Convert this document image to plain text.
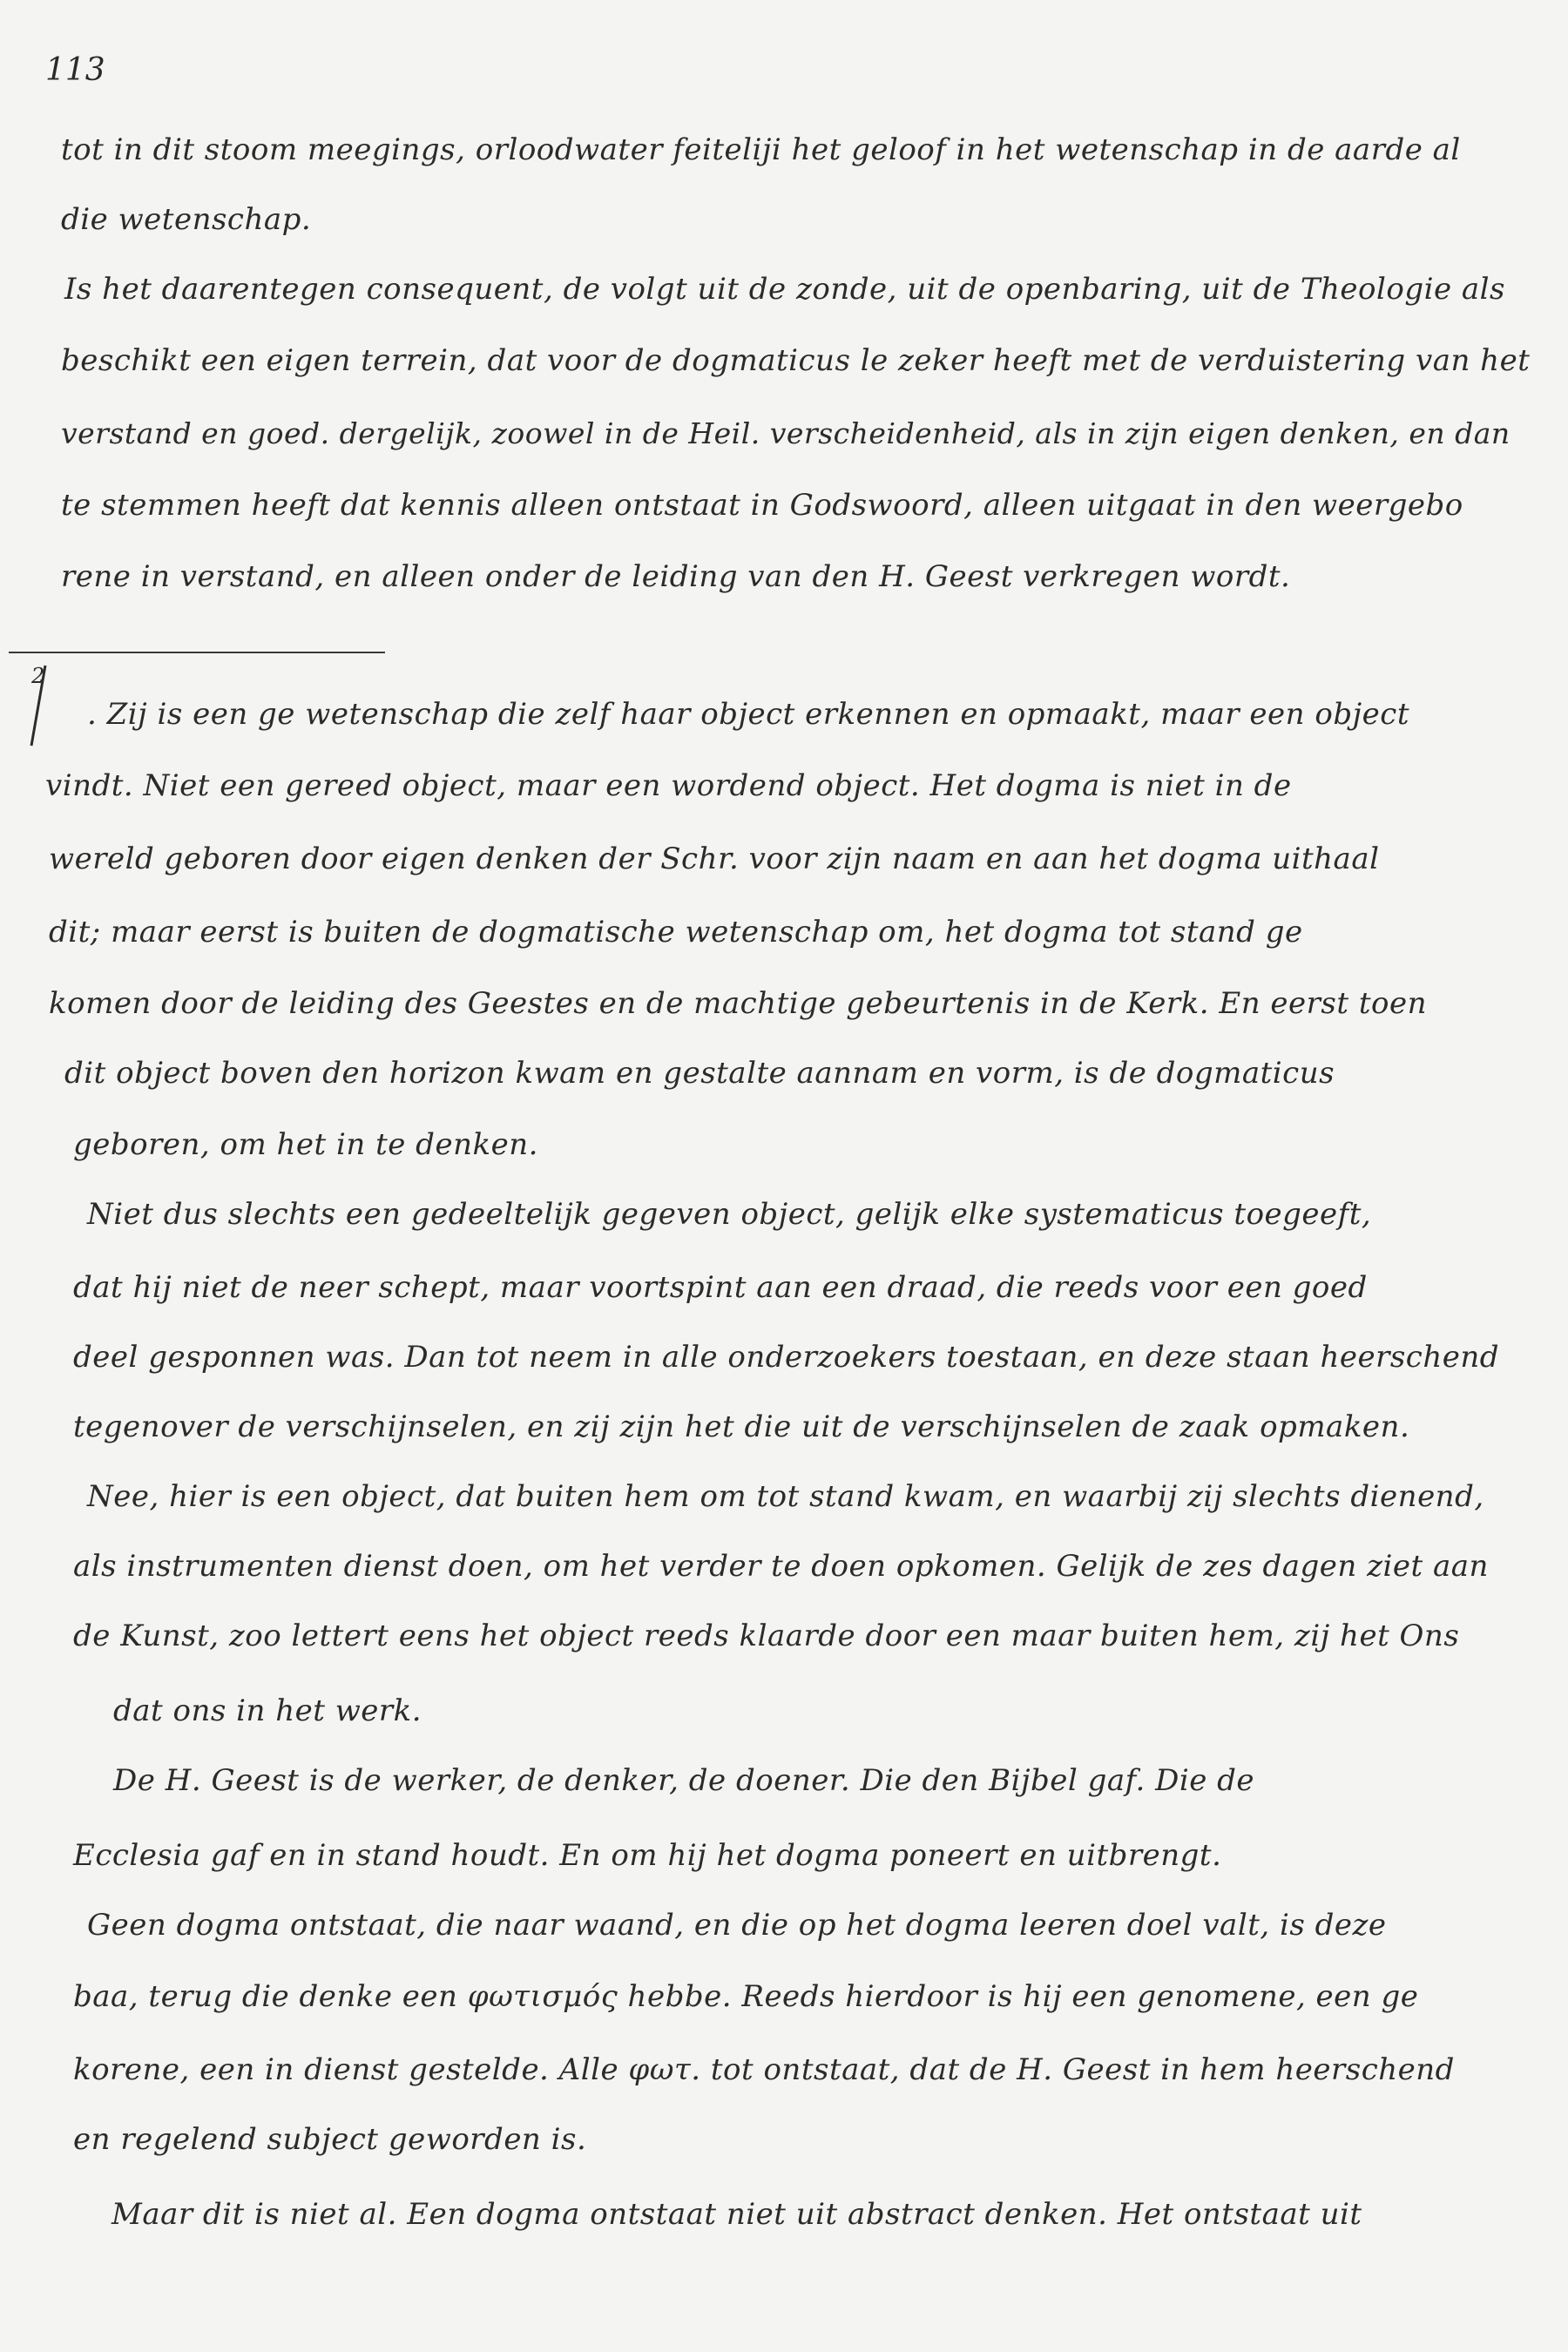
113
tot in dit stoom meegings, orloodwater feiteliji het geloof in het wetenschap in de aarde al
die wetenschap.
Is het daarentegen consequent, de volgt uit de zonde, uit de openbaring, uit de Theologie als
beschikt een eigen terrein, dat voor de dogmaticus le zeker heeft met de verduistering van het
verstand en goed. dergelijk, zoowel in de Heil. verscheidenheid, als in zijn eigen denken, en dan
te stemmen heeft dat kennis alleen ontstaat in Godswoord, alleen uitgaat in den weergebo
rene in verstand, en alleen onder de leiding van den H. Geest verkregen wordt.
2
. Zij is een ge wetenschap die zelf haar object erkennen en opmaakt, maar een object
vindt. Niet een gereed object, maar een wordend object. Het dogma is niet in de
wereld geboren door eigen denken der Schr. voor zijn naam en aan het dogma uithaal
dit; maar eerst is buiten de dogmatische wetenschap om, het dogma tot stand ge
komen door de leiding des Geestes en de machtige gebeurtenis in de Kerk. En eerst toen
dit object boven den horizon kwam en gestalte aannam en vorm, is de dogmaticus
geboren, om het in te denken.
Niet dus slechts een gedeeltelijk gegeven object, gelijk elke systematicus toegeeft,
dat hij niet de neer schept, maar voortspint aan een draad, die reeds voor een goed
deel gesponnen was. Dan tot neem in alle onderzoekers toestaan, en deze staan heerschend
tegenover de verschijnselen, en zij zijn het die uit de verschijnselen de zaak opmaken.
Nee, hier is een object, dat buiten hem om tot stand kwam, en waarbij zij slechts dienend,
als instrumenten dienst doen, om het verder te doen opkomen. Gelijk de zes dagen ziet aan
de Kunst, zoo lettert eens het object reeds klaarde door een maar buiten hem, zij het Ons
dat ons in het werk.
De H. Geest is de werker, de denker, de doener. Die den Bijbel gaf. Die de
Ecclesia gaf en in stand houdt. En om hij het dogma poneert en uitbrengt.
Geen dogma ontstaat, die naar waand, en die op het dogma leeren doel valt, is deze
baa, terug die denke een φωτισμός hebbe. Reeds hierdoor is hij een genomene, een ge
korene, een in dienst gestelde. Alle φωτ. tot ontstaat, dat de H. Geest in hem heerschend
en regelend subject geworden is.
Maar dit is niet al. Een dogma ontstaat niet uit abstract denken. Het ontstaat uit
